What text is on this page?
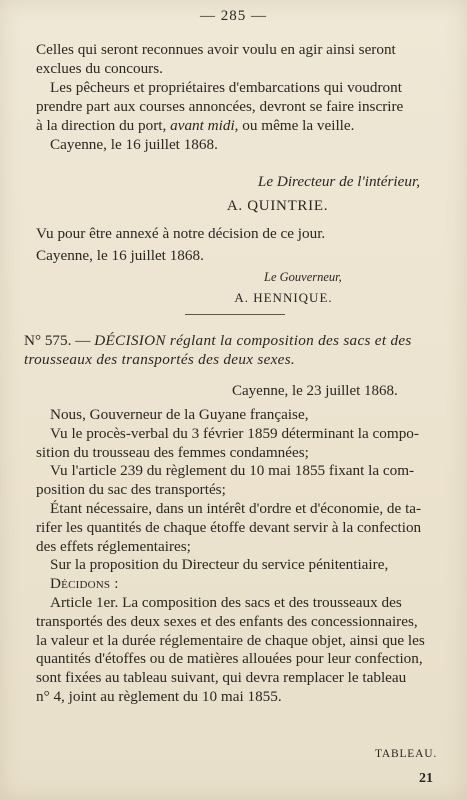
— 285 —
Celles qui seront reconnues avoir voulu en agir ainsi seront
exclues du concours.
Les pêcheurs et propriétaires d'embarcations qui voudront
prendre part aux courses annoncées, devront se faire inscrire
à la direction du port, avant midi, ou même la veille.
Cayenne, le 16 juillet 1868.
Le Directeur de l'intérieur,
A. QUINTRIE.
Vu pour être annexé à notre décision de ce jour.
Cayenne, le 16 juillet 1868.
Le Gouverneur,
A. HENNIQUE.
N° 575. — DÉCISION réglant la composition des sacs et des
trousseaux des transportés des deux sexes.
Cayenne, le 23 juillet 1868.
Nous, Gouverneur de la Guyane française,
Vu le procès-verbal du 3 février 1859 déterminant la compo-
sition du trousseau des femmes condamnées;
Vu l'article 239 du règlement du 10 mai 1855 fixant la com-
position du sac des transportés;
Étant nécessaire, dans un intérêt d'ordre et d'économie, de ta-
rifer les quantités de chaque étoffe devant servir à la confection
des effets réglementaires;
Sur la proposition du Directeur du service pénitentiaire,
Décidons :
Article 1er. La composition des sacs et des trousseaux des
transportés des deux sexes et des enfants des concessionnaires,
la valeur et la durée réglementaire de chaque objet, ainsi que les
quantités d'étoffes ou de matières allouées pour leur confection,
sont fixées au tableau suivant, qui devra remplacer le tableau
n° 4, joint au règlement du 10 mai 1855.
TABLEAU.
21
